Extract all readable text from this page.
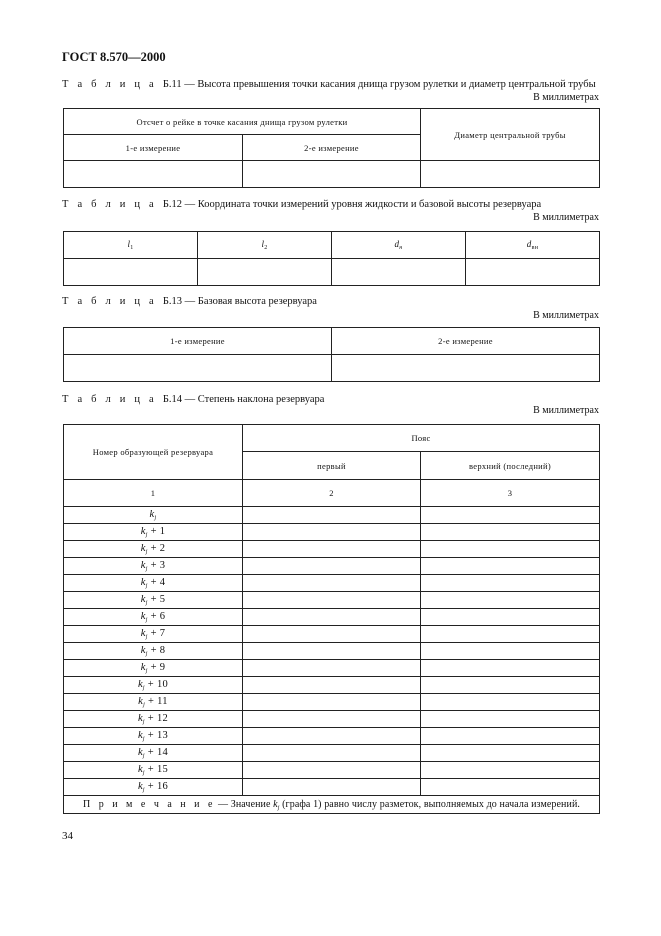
ГОСТ 8.570—2000
Т а б л и ц а Б.11 — Высота превышения точки касания днища грузом рулетки и диаметр центральной трубы
В миллиметрах
Отсчет о рейке в точке касания днища грузом рулетки		Диаметр центральной трубы
1-е измерение	2-е измерение	

Т а б л и ц а Б.12 — Координата точки измерений уровня жидкости и базовой высоты резервуара
В миллиметрах
$l_1$	$l_2$	$d_н$	$d_{вн}$

Т а б л и ц а Б.13 — Базовая высота резервуара
В миллиметрах
1-е измерение	2-е измерение

Т а б л и ц а Б.14 — Степень наклона резервуара
В миллиметрах
Номер образующей резервуара	Пояс	
	первый	верхний (последний)
1	2	3
kj		
kj + 1		
kj + 2		
kj + 3		
kj + 4		
kj + 5		
kj + 6		
kj + 7		
kj + 8		
kj + 9		
kj + 10		
kj + 11		
kj + 12		
kj + 13		
kj + 14		
kj + 15		
kj + 16		
П р и м е ч а н и е — Значение $k_j$ (графа 1) равно числу разметок, выполняемых до начала измерений.		
34
